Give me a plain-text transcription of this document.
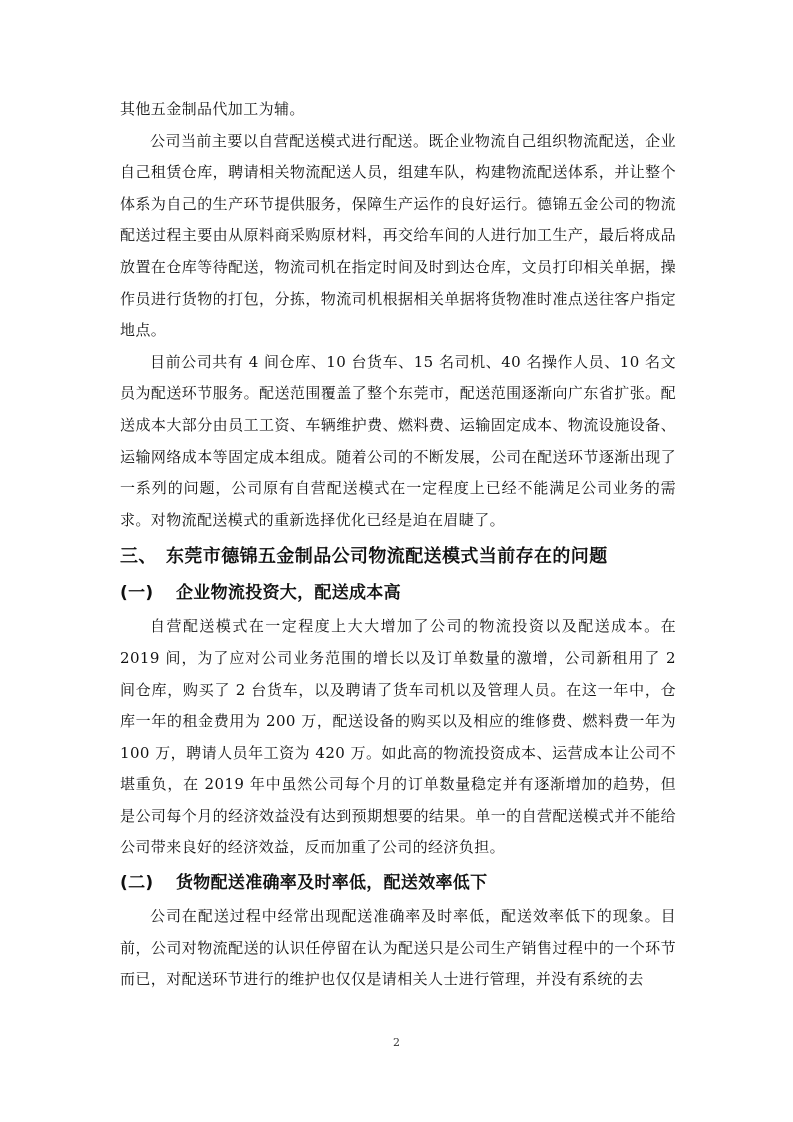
其他五金制品代加工为辅。

公司当前主要以自营配送模式进行配送。既企业物流自己组织物流配送，企业自己租赁仓库，聘请相关物流配送人员，组建车队，构建物流配送体系，并让整个体系为自己的生产环节提供服务，保障生产运作的良好运行。德锦五金公司的物流配送过程主要由从原料商采购原材料，再交给车间的人进行加工生产，最后将成品放置在仓库等待配送，物流司机在指定时间及时到达仓库，文员打印相关单据，操作员进行货物的打包，分拣，物流司机根据相关单据将货物准时准点送往客户指定地点。

目前公司共有 4 间仓库、10 台货车、15 名司机、40 名操作人员、10 名文员为配送环节服务。配送范围覆盖了整个东莞市，配送范围逐渐向广东省扩张。配送成本大部分由员工工资、车辆维护费、燃料费、运输固定成本、物流设施设备、运输网络成本等固定成本组成。随着公司的不断发展，公司在配送环节逐渐出现了一系列的问题，公司原有自营配送模式在一定程度上已经不能满足公司业务的需求。对物流配送模式的重新选择优化已经是迫在眉睫了。

三、 东莞市德锦五金制品公司物流配送模式当前存在的问题
(一) 企业物流投资大，配送成本高

自营配送模式在一定程度上大大增加了公司的物流投资以及配送成本。在 2019 间，为了应对公司业务范围的增长以及订单数量的激增，公司新租用了 2 间仓库，购买了 2 台货车，以及聘请了货车司机以及管理人员。在这一年中，仓库一年的租金费用为 200 万，配送设备的购买以及相应的维修费、燃料费一年为 100 万，聘请人员年工资为 420 万。如此高的物流投资成本、运营成本让公司不堪重负，在 2019 年中虽然公司每个月的订单数量稳定并有逐渐增加的趋势，但是公司每个月的经济效益没有达到预期想要的结果。单一的自营配送模式并不能给公司带来良好的经济效益，反而加重了公司的经济负担。

(二) 货物配送准确率及时率低，配送效率低下

公司在配送过程中经常出现配送准确率及时率低，配送效率低下的现象。目前，公司对物流配送的认识任停留在认为配送只是公司生产销售过程中的一个环节而已，对配送环节进行的维护也仅仅是请相关人士进行管理，并没有系统的去

2
